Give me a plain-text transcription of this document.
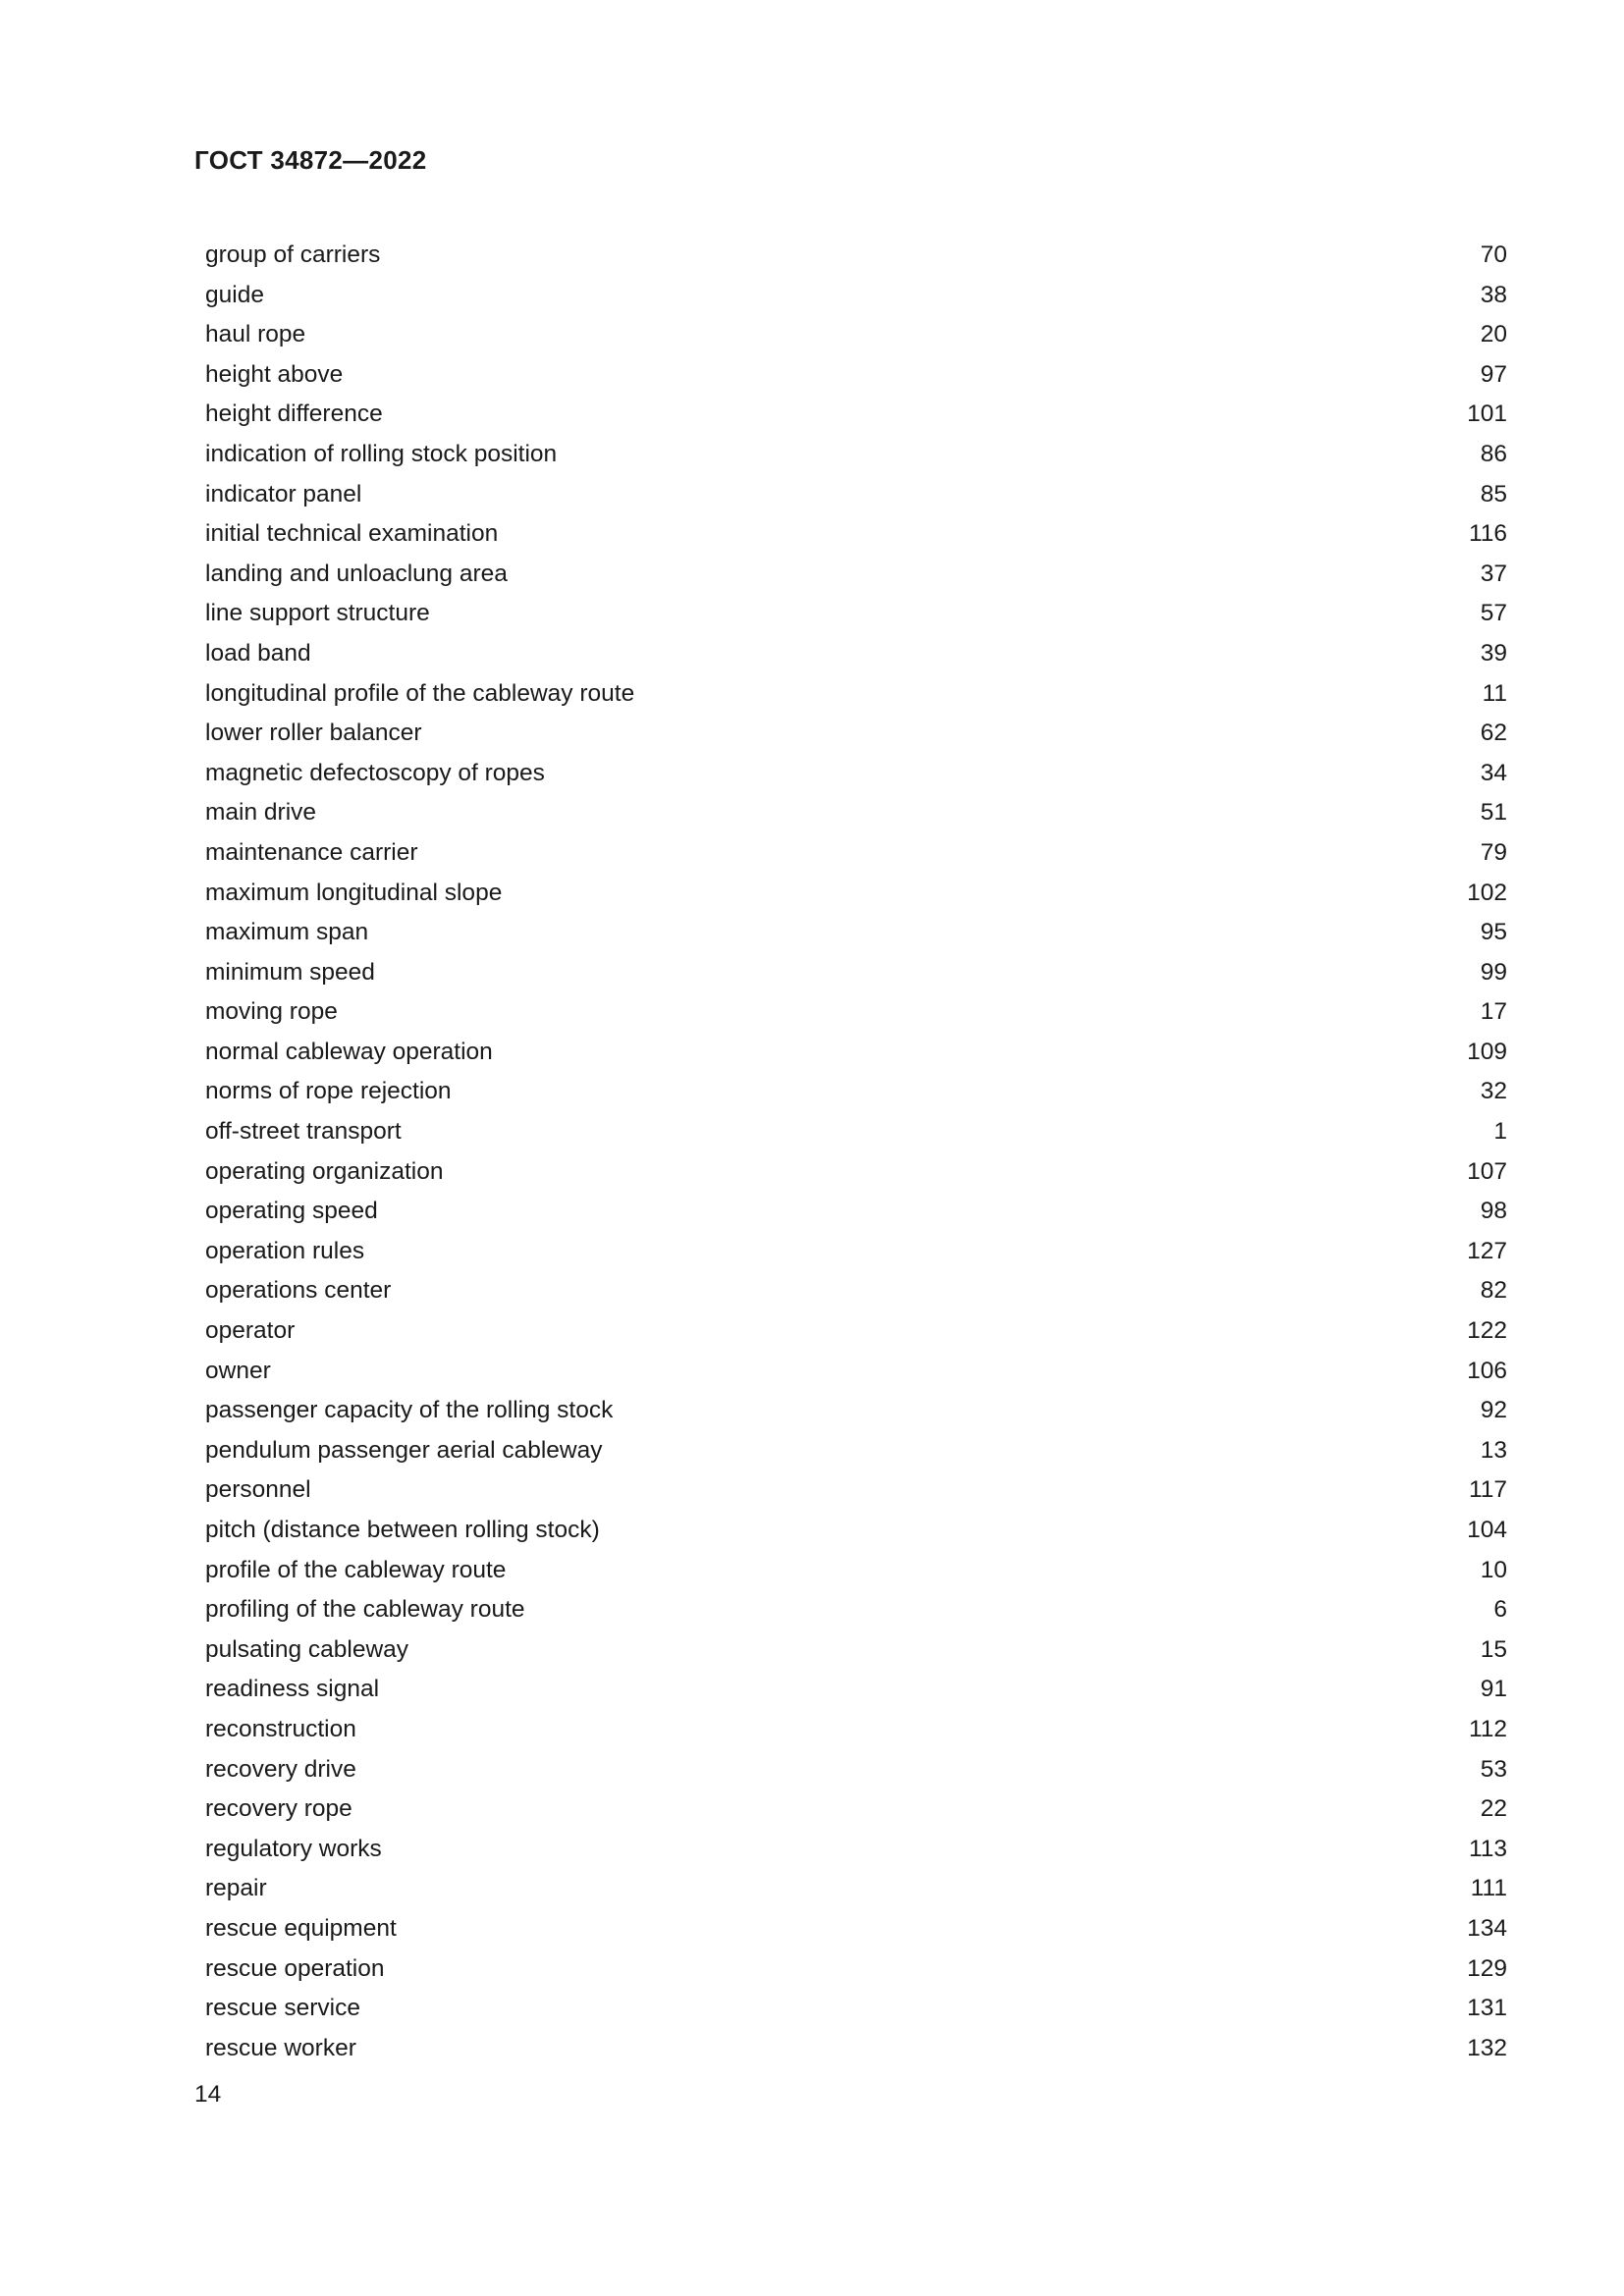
ГОСТ 34872—2022
group of carriers	70
guide	38
haul rope	20
height above	97
height difference	101
indication of rolling stock position	86
indicator panel	85
initial technical examination	116
landing and unloaclung area	37
line support structure	57
load band	39
longitudinal profile of the cableway route	11
lower roller balancer	62
magnetic defectoscopy of ropes	34
main drive	51
maintenance carrier	79
maximum longitudinal slope	102
maximum span	95
minimum speed	99
moving rope	17
normal cableway operation	109
norms of rope rejection	32
off-street transport	1
operating organization	107
operating speed	98
operation rules	127
operations center	82
operator	122
owner	106
passenger capacity of the rolling stock	92
pendulum passenger aerial cableway	13
personnel	117
pitch (distance between rolling stock)	104
profile of the cableway route	10
profiling of the cableway route	6
pulsating cableway	15
readiness signal	91
reconstruction	112
recovery drive	53
recovery rope	22
regulatory works	113
repair	111
rescue equipment	134
rescue operation	129
rescue service	131
rescue worker	132
14
